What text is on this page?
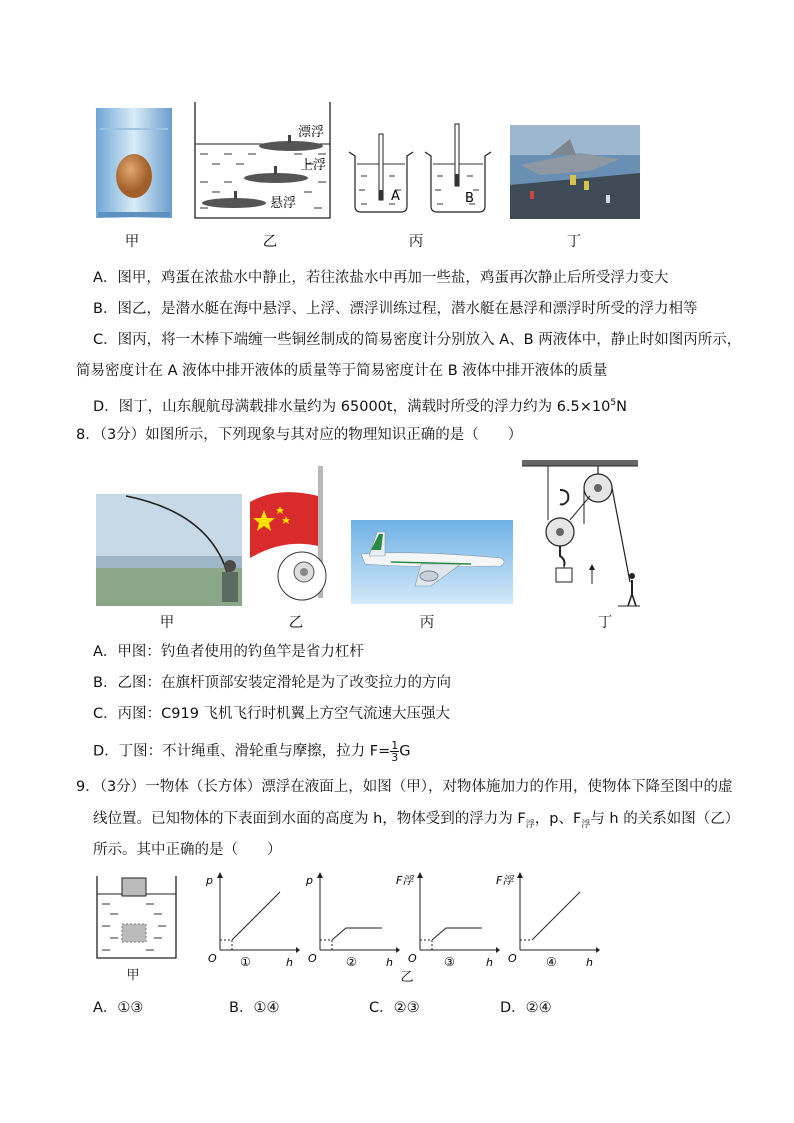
漂浮
上浮
悬浮	A	B
甲	乙	丙	丁
A．图甲，鸡蛋在浓盐水中静止，若往浓盐水中再加一些盐，鸡蛋再次静止后所受浮力变大
B．图乙，是潜水艇在海中悬浮、上浮、漂浮训练过程，潜水艇在悬浮和漂浮时所受的浮力相等
C．图丙，将一木棒下端缠一些铜丝制成的简易密度计分别放入 A、B 两液体中，静止时如图丙所示，
简易密度计在 A 液体中排开液体的质量等于简易密度计在 B 液体中排开液体的质量
D．图丁，山东舰航母满载排水量约为 65000t，满载时所受的浮力约为 $6.5\times 10^5N$
8．（3分）如图所示，下列现象与其对应的物理知识正确的是（　　）
甲	乙	丙	丁
A．甲图：钓鱼者使用的钓鱼竿是省力杠杆
B．乙图：在旗杆顶部安装定滑轮是为了改变拉力的方向
C．丙图：C919 飞机飞行时机翼上方空气流速大压强大
D．丁图：不计绳重、滑轮重与摩擦，拉力 $F= \frac{1}{3}$ G
9．（3分）一物体（长方体）漂浮在液面上，如图（甲），对物体施加力的作用，使物体下降至图中的虚
线位置。已知物体的下表面到水面的高度为 h，物体受到的浮力为 $F_浮$，p、$F_浮$与 h 的关系如图（乙）
所示。其中正确的是（　　）
甲
p
O ①	h
p
O ②	h
F浮
O ③	h
F浮
O ④	h
乙
A．①③	B．①④	C．②③	D．②④
